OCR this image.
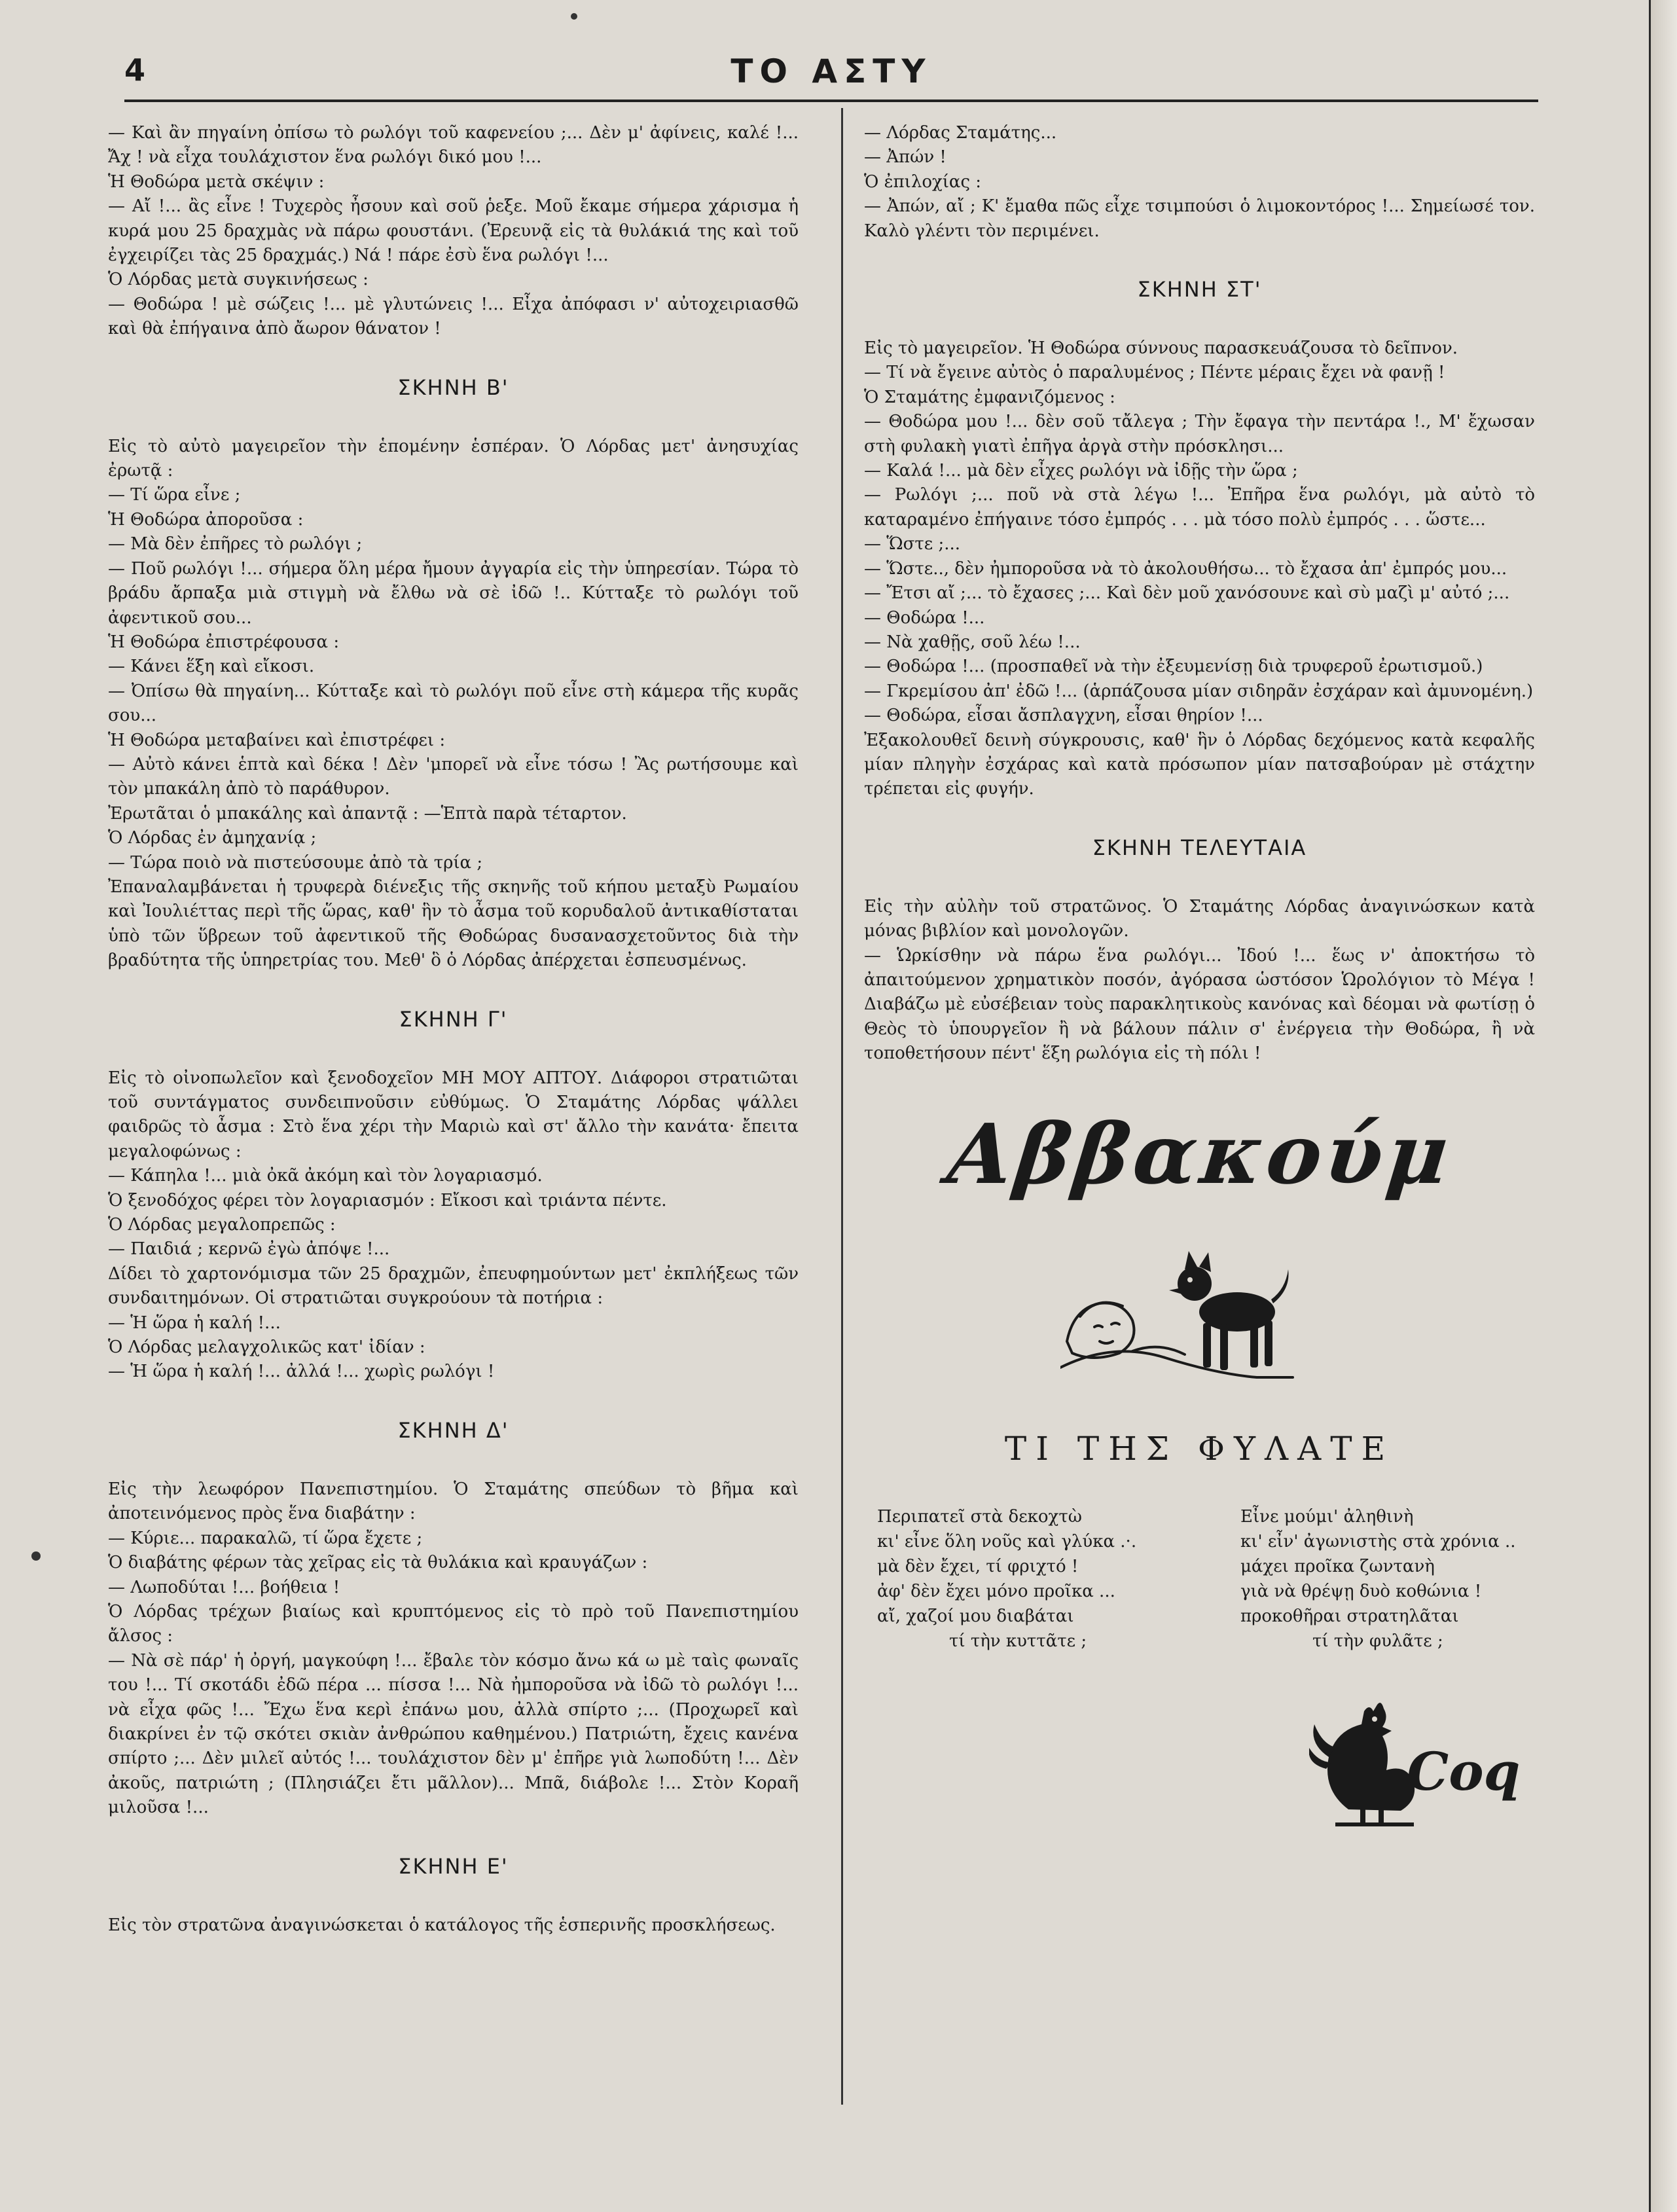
ΤΟ ΑΣΤΥ
4

— Καὶ ἂν πηγαίνη ὀπίσω τὸ ρωλόγι τοῦ καφενείου ;... Δὲν μ' ἀφίνεις, καλέ !... Ἄχ ! νὰ εἶχα τουλάχιστον ἕνα ρωλόγι δικό μου !...

Ἡ Θοδώρα μετὰ σκέψιν :

— Αἴ !... ἂς εἶνε ! Τυχερὸς ἦσουν καὶ σοῦ ῥεξε. Μοῦ ἔκαμε σήμερα χάρισμα ἡ κυρά μου 25 δραχμὰς νὰ πάρω φουστάνι. (Ἐρευνᾷ εἰς τὰ θυλάκιά της καὶ τοῦ ἐγχειρίζει τὰς 25 δραχμάς.) Νά ! πάρε ἐσὺ ἕνα ρωλόγι !...

Ὁ Λόρδας μετὰ συγκινήσεως :

— Θοδώρα ! μὲ σώζεις !... μὲ γλυτώνεις !... Εἶχα ἀπόφασι ν' αὐτοχειριασθῶ καὶ θὰ ἐπήγαινα ἀπὸ ἄωρον θάνατον !

ΣΚΗΝΗ Β'

Εἰς τὸ αὐτὸ μαγειρεῖον τὴν ἑπομένην ἑσπέραν. Ὁ Λόρδας μετ' ἀνησυχίας ἐρωτᾷ :

— Τί ὥρα εἶνε ;

Ἡ Θοδώρα ἀποροῦσα :

— Μὰ δὲν ἐπῆρες τὸ ρωλόγι ;

— Ποῦ ρωλόγι !... σήμερα ὅλη μέρα ἤμουν ἀγγαρία εἰς τὴν ὑπηρεσίαν. Τώρα τὸ βράδυ ἄρπαξα μιὰ στιγμὴ νὰ ἔλθω νὰ σὲ ἰδῶ !.. Κύτταξε τὸ ρωλόγι τοῦ ἀφεντικοῦ σου...

Ἡ Θοδώρα ἐπιστρέφουσα :

— Κάνει ἕξη καὶ εἴκοσι.

— Ὀπίσω θὰ πηγαίνη... Κύτταξε καὶ τὸ ρωλόγι ποῦ εἶνε στὴ κάμερα τῆς κυρᾶς σου...

Ἡ Θοδώρα μεταβαίνει καὶ ἐπιστρέφει :

— Αὐτὸ κάνει ἑπτὰ καὶ δέκα ! Δὲν 'μπορεῖ νὰ εἶνε τόσω ! Ἂς ρωτήσουμε καὶ τὸν μπακάλη ἀπὸ τὸ παράθυρον.

Ἐρωτᾶται ὁ μπακάλης καὶ ἀπαντᾷ : —Ἑπτὰ παρὰ τέταρτον.

Ὁ Λόρδας ἐν ἀμηχανίᾳ ;

— Τώρα ποιὸ νὰ πιστεύσουμε ἀπὸ τὰ τρία ;

Ἐπαναλαμβάνεται ἡ τρυφερὰ διένεξις τῆς σκηνῆς τοῦ κήπου μεταξὺ Ρωμαίου καὶ Ἰουλιέττας περὶ τῆς ὥρας, καθ' ἣν τὸ ἆσμα τοῦ κορυδαλοῦ ἀντικαθίσταται ὑπὸ τῶν ὕβρεων τοῦ ἀφεντικοῦ τῆς Θοδώρας δυσανασχετοῦντος διὰ τὴν βραδύτητα τῆς ὑπηρετρίας του. Μεθ' ὃ ὁ Λόρδας ἀπέρχεται ἐσπευσμένως.

ΣΚΗΝΗ Γ'

Εἰς τὸ οἰνοπωλεῖον καὶ ξενοδοχεῖον ΜΗ ΜΟΥ ΑΠΤΟΥ. Διάφοροι στρατιῶται τοῦ συντάγματος συνδειπνοῦσιν εὐθύμως. Ὁ Σταμάτης Λόρδας ψάλλει φαιδρῶς τὸ ἆσμα : Στὸ ἕνα χέρι τὴν Μαριὼ καὶ στ' ἄλλο τὴν κανάτα· ἔπειτα μεγαλοφώνως :

— Κάπηλα !... μιὰ ὀκᾶ ἀκόμη καὶ τὸν λογαριασμό.

Ὁ ξενοδόχος φέρει τὸν λογαριασμόν : Εἴκοσι καὶ τριάντα πέντε.

Ὁ Λόρδας μεγαλοπρεπῶς :

— Παιδιά ; κερνῶ ἐγὼ ἀπόψε !...

Δίδει τὸ χαρτονόμισμα τῶν 25 δραχμῶν, ἐπευφημούντων μετ' ἐκπλήξεως τῶν συνδαιτημόνων. Οἱ στρατιῶται συγκρούουν τὰ ποτήρια :

— Ἡ ὥρα ἡ καλή !...

Ὁ Λόρδας μελαγχολικῶς κατ' ἰδίαν :

— Ἡ ὥρα ἡ καλή !... ἀλλά !... χωρὶς ρωλόγι !

ΣΚΗΝΗ Δ'

Εἰς τὴν λεωφόρον Πανεπιστημίου. Ὁ Σταμάτης σπεύδων τὸ βῆμα καὶ ἀποτεινόμενος πρὸς ἕνα διαβάτην :

— Κύριε... παρακαλῶ, τί ὥρα ἔχετε ;

Ὁ διαβάτης φέρων τὰς χεῖρας εἰς τὰ θυλάκια καὶ κραυγάζων :

— Λωποδύται !... βοήθεια !

Ὁ Λόρδας τρέχων βιαίως καὶ κρυπτόμενος εἰς τὸ πρὸ τοῦ Πανεπιστημίου ἄλσος :

— Νὰ σὲ πάρ' ἡ ὀργή, μαγκούφη !... ἔβαλε τὸν κόσμο ἄνω κά ω μὲ ταὶς φωναῖς του !... Τί σκοτάδι ἐδῶ πέρα ... πίσσα !... Νὰ ἠμποροῦσα νὰ ἰδῶ τὸ ρωλόγι !... νὰ εἶχα φῶς !... Ἔχω ἕνα κερὶ ἐπάνω μου, ἀλλὰ σπίρτο ;... (Προχωρεῖ καὶ διακρίνει ἐν τῷ σκότει σκιὰν ἀνθρώπου καθημένου.) Πατριώτη, ἔχεις κανένα σπίρτο ;... Δὲν μιλεῖ αὐτός !... τουλάχιστον δὲν μ' ἐπῆρε γιὰ λωποδύτη !... Δὲν ἀκοῦς, πατριώτη ; (Πλησιάζει ἔτι μᾶλλον)... Μπᾶ, διάβολε !... Στὸν Κοραῆ μιλοῦσα !...

ΣΚΗΝΗ Ε'

Εἰς τὸν στρατῶνα ἀναγινώσκεται ὁ κατάλογος τῆς ἑσπερινῆς προσκλήσεως.

— Λόρδας Σταμάτης...

— Ἀπών !

Ὁ ἐπιλοχίας :

— Ἀπών, αἴ ; Κ' ἔμαθα πῶς εἶχε τσιμπούσι ὁ λιμοκοντόρος !... Σημείωσέ τον. Καλὸ γλέντι τὸν περιμένει.

ΣΚΗΝΗ ΣΤ'

Εἰς τὸ μαγειρεῖον. Ἡ Θοδώρα σύννους παρασκευάζουσα τὸ δεῖπνον.

— Τί νὰ ἔγεινε αὐτὸς ὁ παραλυμένος ; Πέντε μέραις ἔχει νὰ φανῇ !

Ὁ Σταμάτης ἐμφανιζόμενος :

— Θοδώρα μου !... δὲν σοῦ τἄλεγα ; Τὴν ἔφαγα τὴν πεντάρα !., Μ' ἔχωσαν στὴ φυλακὴ γιατὶ ἐπῆγα ἀργὰ στὴν πρόσκλησι...

— Καλά !... μὰ δὲν εἶχες ρωλόγι νὰ ἰδῇς τὴν ὥρα ;

— Ρωλόγι ;... ποῦ νὰ στὰ λέγω !... Ἐπῆρα ἕνα ρωλόγι, μὰ αὐτὸ τὸ καταραμένο ἐπήγαινε τόσο ἐμπρός . . . μὰ τόσο πολὺ ἐμπρός . . . ὥστε...

— Ὥστε ;...

— Ὥστε.., δὲν ἠμποροῦσα νὰ τὸ ἀκολουθήσω... τὸ ἔχασα ἀπ' ἐμπρός μου...

— Ἔτσι αἴ ;... τὸ ἔχασες ;... Καὶ δὲν μοῦ χανόσουνε καὶ σὺ μαζὶ μ' αὐτό ;...

— Θοδώρα !...

— Νὰ χαθῇς, σοῦ λέω !...

— Θοδώρα !... (προσπαθεῖ νὰ τὴν ἐξευμενίσῃ διὰ τρυφεροῦ ἐρωτισμοῦ.)

— Γκρεμίσου ἀπ' ἐδῶ !... (ἁρπάζουσα μίαν σιδηρᾶν ἐσχάραν καὶ ἀμυνομένη.)

— Θοδώρα, εἶσαι ἄσπλαγχνη, εἶσαι θηρίον !...

Ἐξακολουθεῖ δεινὴ σύγκρουσις, καθ' ἣν ὁ Λόρδας δεχόμενος κατὰ κεφαλῆς μίαν πληγὴν ἐσχάρας καὶ κατὰ πρόσωπον μίαν πατσαβούραν μὲ στάχτην τρέπεται εἰς φυγήν.

ΣΚΗΝΗ ΤΕΛΕΥΤΑΙΑ

Εἰς τὴν αὐλὴν τοῦ στρατῶνος. Ὁ Σταμάτης Λόρδας ἀναγινώσκων κατὰ μόνας βιβλίον καὶ μονολογῶν.

— Ὡρκίσθην νὰ πάρω ἕνα ρωλόγι... Ἰδού !... ἕως ν' ἀποκτήσω τὸ ἀπαιτούμενον χρηματικὸν ποσόν, ἀγόρασα ὡστόσον Ὡρολόγιον τὸ Μέγα ! Διαβάζω μὲ εὐσέβειαν τοὺς παρακλητικοὺς κανόνας καὶ δέομαι νὰ φωτίσῃ ὁ Θεὸς τὸ ὑπουργεῖον ἢ νὰ βάλουν πάλιν σ' ἐνέργεια τὴν Θοδώρα, ἢ νὰ τοποθετήσουν πέντ' ἕξη ρωλόγια εἰς τὴ πόλι !

Αββακούμ
ΤΙ ΤΗΣ ΦΥΛΑΤΕ
Περιπατεῖ στὰ δεκοχτὼ
κι' εἶνε ὅλη νοῦς καὶ γλύκα .·.
μὰ δὲν ἔχει, τί φριχτό !
ἀφ' δὲν ἔχει μόνο προῖκα ...
αἴ, χαζοί μου διαβάται
τί τὴν κυττᾶτε ;
Εἶνε μούμι' ἀληθινὴ
κι' εἶν' ἀγωνιστὴς στὰ χρόνια ..
μάχει προῖκα ζωντανὴ
γιὰ νὰ θρέψῃ δυὸ κοθώνια !
προκοθῆραι στρατηλᾶται
τί τὴν φυλᾶτε ;
Coq
